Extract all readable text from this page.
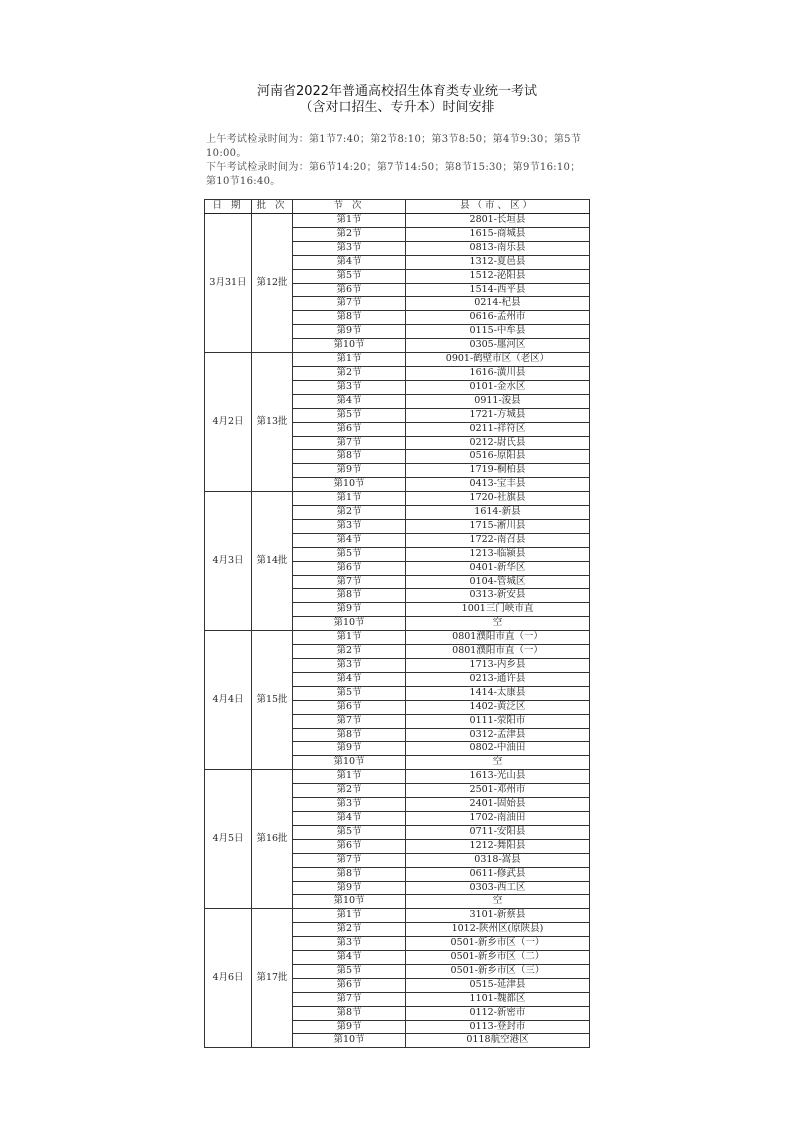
河南省2022年普通高校招生体育类专业统一考试
（含对口招生、专升本）时间安排

上午考试检录时间为：第1节7:40；第2节8:10；第3节8:50；第4节9:30；第5节10:00。

下午考试检录时间为：第6节14:20；第7节14:50；第8节15:30；第9节16:10；第10节16:40。

日 期	批 次	节 次	县（市、区）
3月31日	第12批	第1节	2801-长垣县
		第2节	1615-商城县
		第3节	0813-南乐县
		第4节	1312-夏邑县
		第5节	1512-泌阳县
		第6节	1514-西平县
		第7节	0214-杞县
		第8节	0616-孟州市
		第9节	0115-中牟县
		第10节	0305-廛河区
4月2日	第13批	第1节	0901-鹤壁市区（老区）
		第2节	1616-潢川县
		第3节	0101-金水区
		第4节	0911-浚县
		第5节	1721-方城县
		第6节	0211-祥符区
		第7节	0212-尉氏县
		第8节	0516-原阳县
		第9节	1719-桐柏县
		第10节	0413-宝丰县
4月3日	第14批	第1节	1720-社旗县
		第2节	1614-新县
		第3节	1715-淅川县
		第4节	1722-南召县
		第5节	1213-临颍县
		第6节	0401-新华区
		第7节	0104-管城区
		第8节	0313-新安县
		第9节	1001三门峡市直
		第10节	空
4月4日	第15批	第1节	0801濮阳市直（一）
		第2节	0801濮阳市直（一）
		第3节	1713-内乡县
		第4节	0213-通许县
		第5节	1414-太康县
		第6节	1402-黄泛区
		第7节	0111-荥阳市
		第8节	0312-孟津县
		第9节	0802-中油田
		第10节	空
4月5日	第16批	第1节	1613-光山县
		第2节	2501-邓州市
		第3节	2401-固始县
		第4节	1702-南油田
		第5节	0711-安阳县
		第6节	1212-舞阳县
		第7节	0318-嵩县
		第8节	0611-修武县
		第9节	0303-西工区
		第10节	空
4月6日	第17批	第1节	3101-新蔡县
		第2节	1012-陕州区(原陕县)
		第3节	0501-新乡市区（一）
		第4节	0501-新乡市区（二）
		第5节	0501-新乡市区（三）
		第6节	0515-延津县
		第7节	1101-魏都区
		第8节	0112-新密市
		第9节	0113-登封市
		第10节	0118航空港区
